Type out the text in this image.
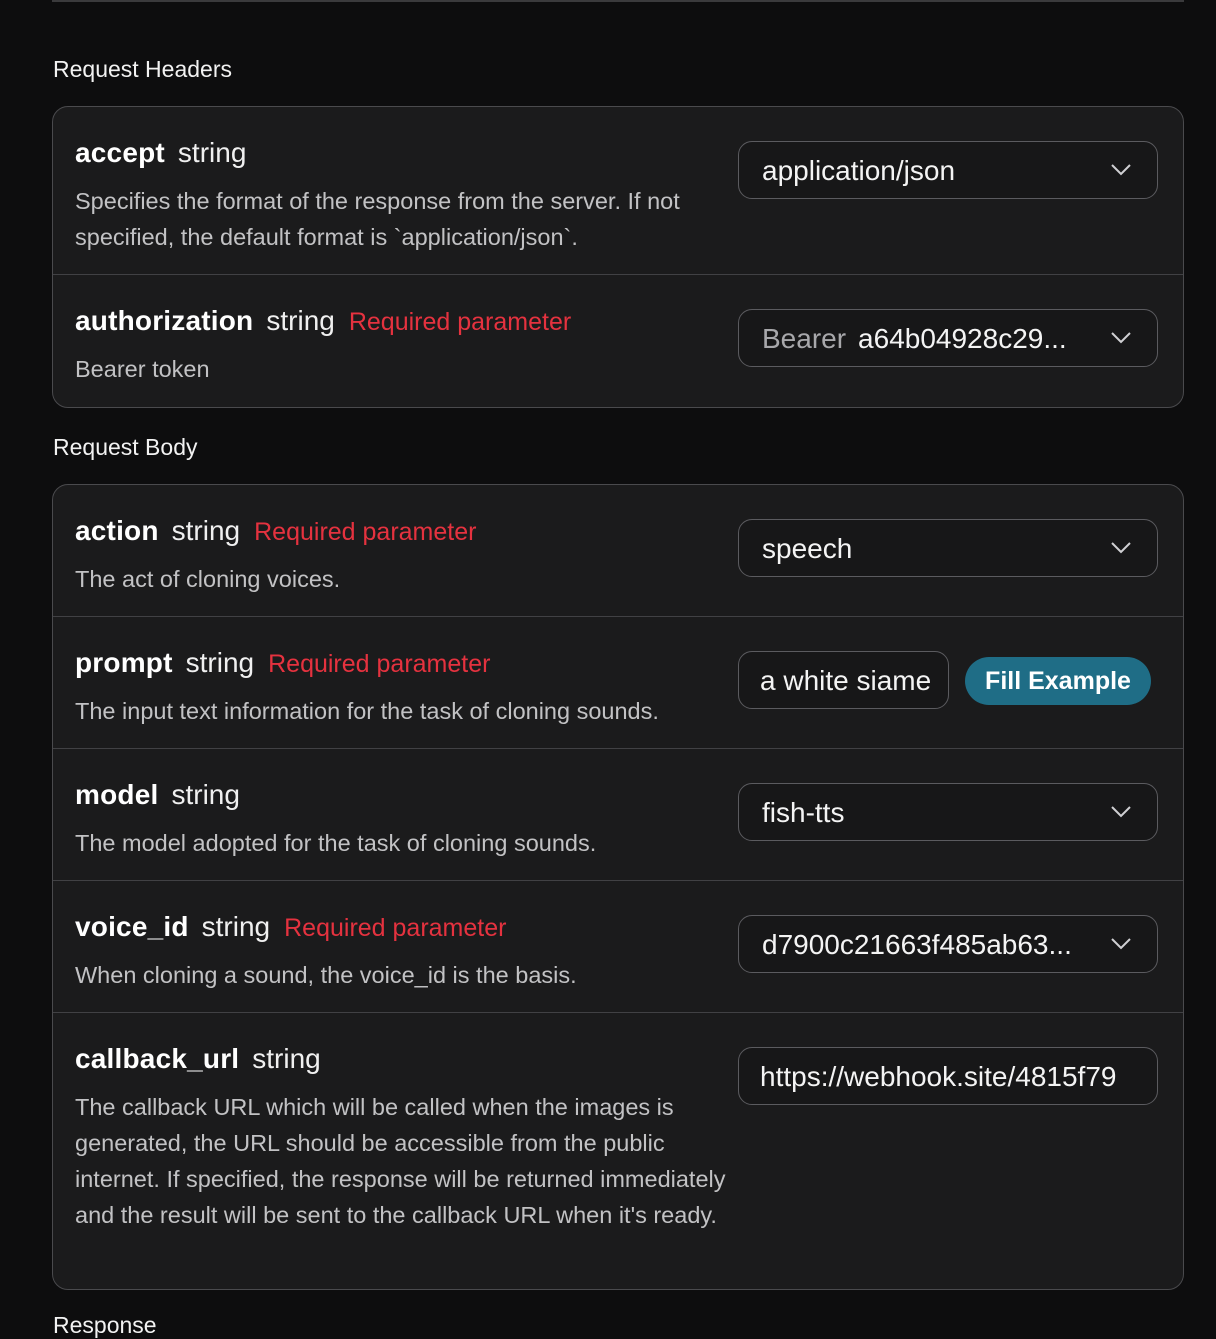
Request Headers
accept string
Specifies the format of the response from the server. If not specified, the default format is `application/json`.
application/json
authorization string Required parameter
Bearer token
Bearer a64b04928c29...
Request Body
action string Required parameter
The act of cloning voices.
speech
prompt string Required parameter
The input text information for the task of cloning sounds.
a white siame	Fill Example
model string
The model adopted for the task of cloning sounds.
fish-tts
voice_id string Required parameter
When cloning a sound, the voice_id is the basis.
d7900c21663f485ab63...
callback_url string
The callback URL which will be called when the images is generated, the URL should be accessible from the public internet. If specified, the response will be returned immediately and the result will be sent to the callback URL when it's ready.
https://webhook.site/4815f79
Response
